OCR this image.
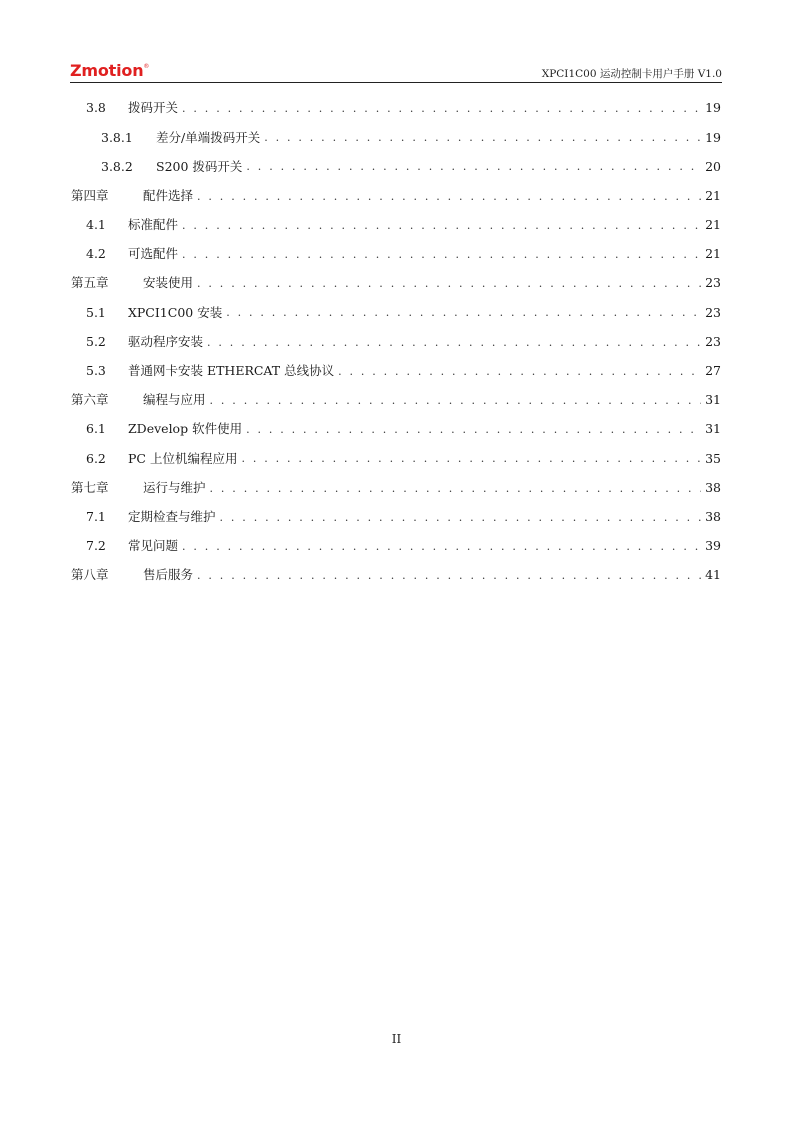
Zmotion®
XPCI1C00 运动控制卡用户手册 V1.0
3.8	拨码开关 . . .	19
3.8.1	差分/单端拨码开关 . . .	19
3.8.2	S200 拨码开关 . . .	20
第四章	配件选择 . . .	21
4.1	标准配件 . . .	21
4.2	可选配件 . . .	21
第五章	安装使用 . . .	23
5.1	XPCI1C00 安装 . . .	23
5.2	驱动程序安装 . . .	23
5.3	普通网卡安装 ETHERCAT 总线协议 . . .	27
第六章	编程与应用 . . .	31
6.1	ZDevelop 软件使用 . . .	31
6.2	PC 上位机编程应用 . . .	35
第七章	运行与维护 . . .	38
7.1	定期检查与维护 . . .	38
7.2	常见问题 . . .	39
第八章	售后服务 . . .	41
II
